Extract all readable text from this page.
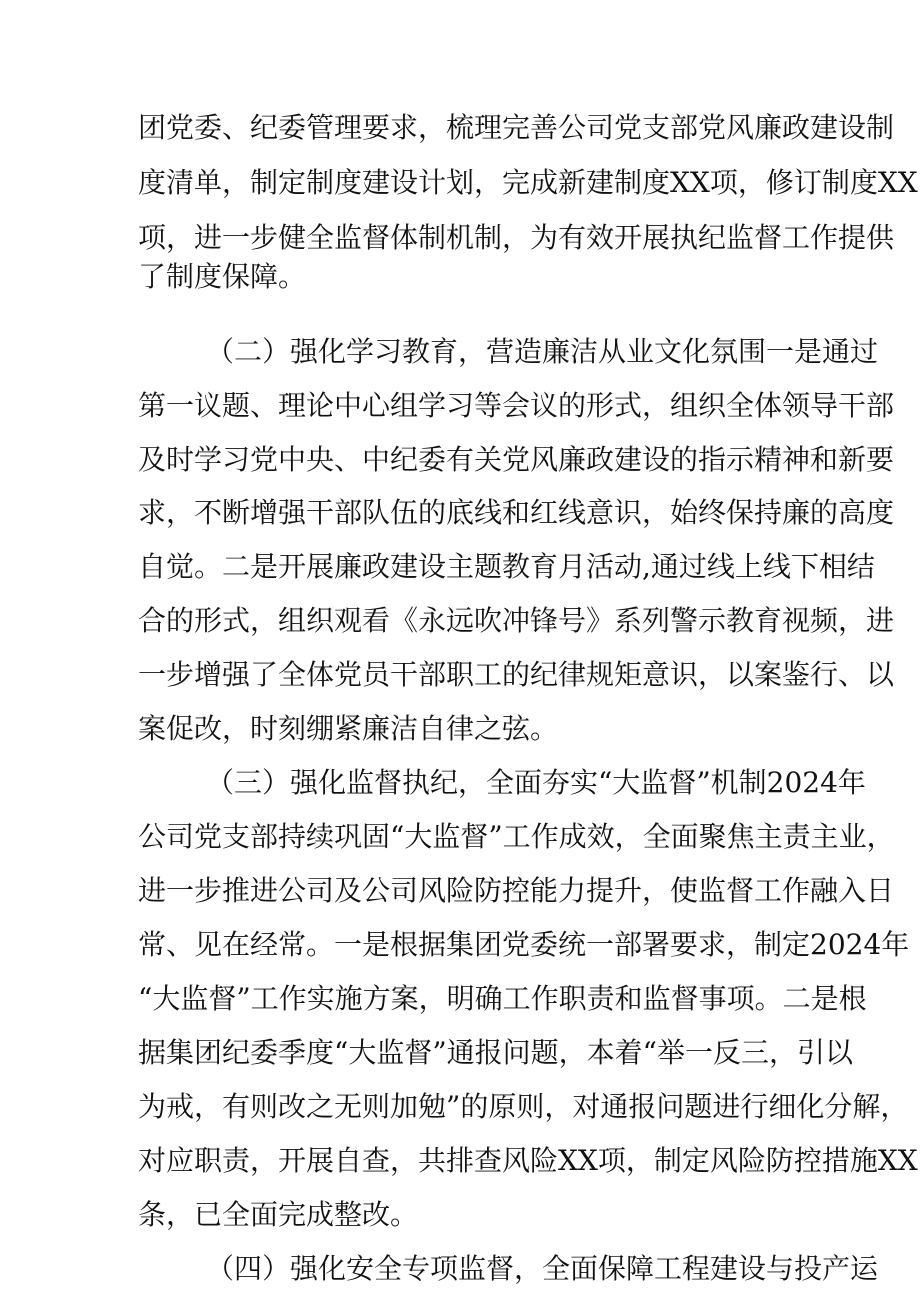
团党委、纪委管理要求，梳理完善公司党支部党风廉政建设制
度清单，制定制度建设计划，完成新建制度XX项，修订制度XX
项，进一步健全监督体制机制，为有效开展执纪监督工作提供
了制度保障。
（二）强化学习教育，营造廉洁从业文化氛围一是通过
第一议题、理论中心组学习等会议的形式，组织全体领导干部
及时学习党中央、中纪委有关党风廉政建设的指示精神和新要
求，不断增强干部队伍的底线和红线意识，始终保持廉的高度
自觉。二是开展廉政建设主题教育月活动,通过线上线下相结
合的形式，组织观看《永远吹冲锋号》系列警示教育视频，进
一步增强了全体党员干部职工的纪律规矩意识，以案鉴行、以
案促改，时刻绷紧廉洁自律之弦。
（三）强化监督执纪，全面夯实“大监督”机制2024年
公司党支部持续巩固“大监督”工作成效，全面聚焦主责主业，
进一步推进公司及公司风险防控能力提升，使监督工作融入日
常、见在经常。一是根据集团党委统一部署要求，制定2024年
“大监督”工作实施方案，明确工作职责和监督事项。二是根
据集团纪委季度“大监督”通报问题，本着“举一反三，引以
为戒，有则改之无则加勉”的原则，对通报问题进行细化分解，
对应职责，开展自查，共排查风险XX项，制定风险防控措施XX
条，已全面完成整改。
（四）强化安全专项监督，全面保障工程建设与投产运
